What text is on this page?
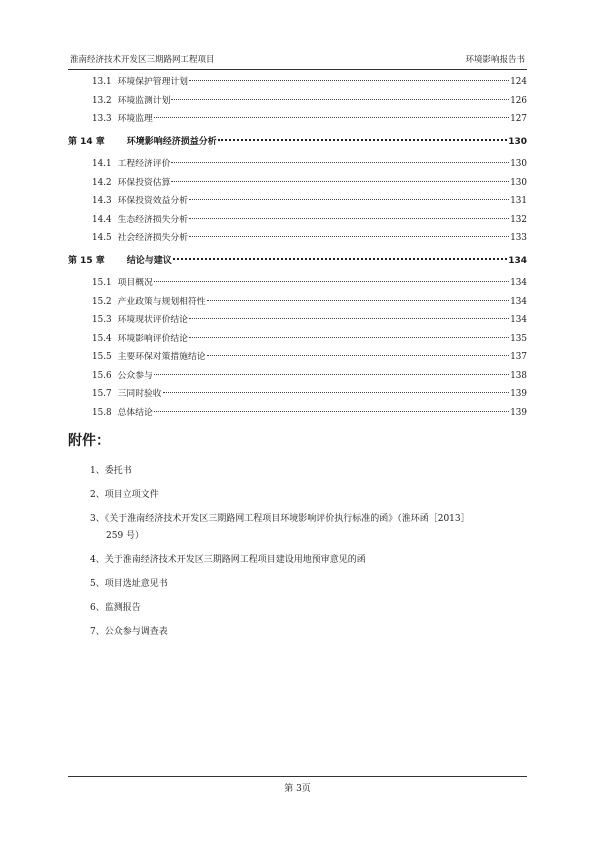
淮南经济技术开发区三期路网工程项目	环境影响报告书
13.1 环境保护管理计划	124
13.2 环境监测计划	126
13.3 环境监理	127
第 14 章 环境影响经济损益分析	130
14.1 工程经济评价	130
14.2 环保投资估算	130
14.3 环保投资效益分析	131
14.4 生态经济损失分析	132
14.5 社会经济损失分析	133
第 15 章 结论与建议	134
15.1 项目概况	134
15.2 产业政策与规划相符性	134
15.3 环境现状评价结论	134
15.4 环境影响评价结论	135
15.5 主要环保对策措施结论	137
15.6 公众参与	138
15.7 三同时验收	139
15.8 总体结论	139
附件：
1、委托书
2、项目立项文件
3、《关于淮南经济技术开发区三期路网工程项目环境影响评价执行标准的函》（淮环函［2013］
259 号）
4、关于淮南经济技术开发区三期路网工程项目建设用地预审意见的函
5、项目选址意见书
6、监测报告
7、公众参与调查表
第 3页
